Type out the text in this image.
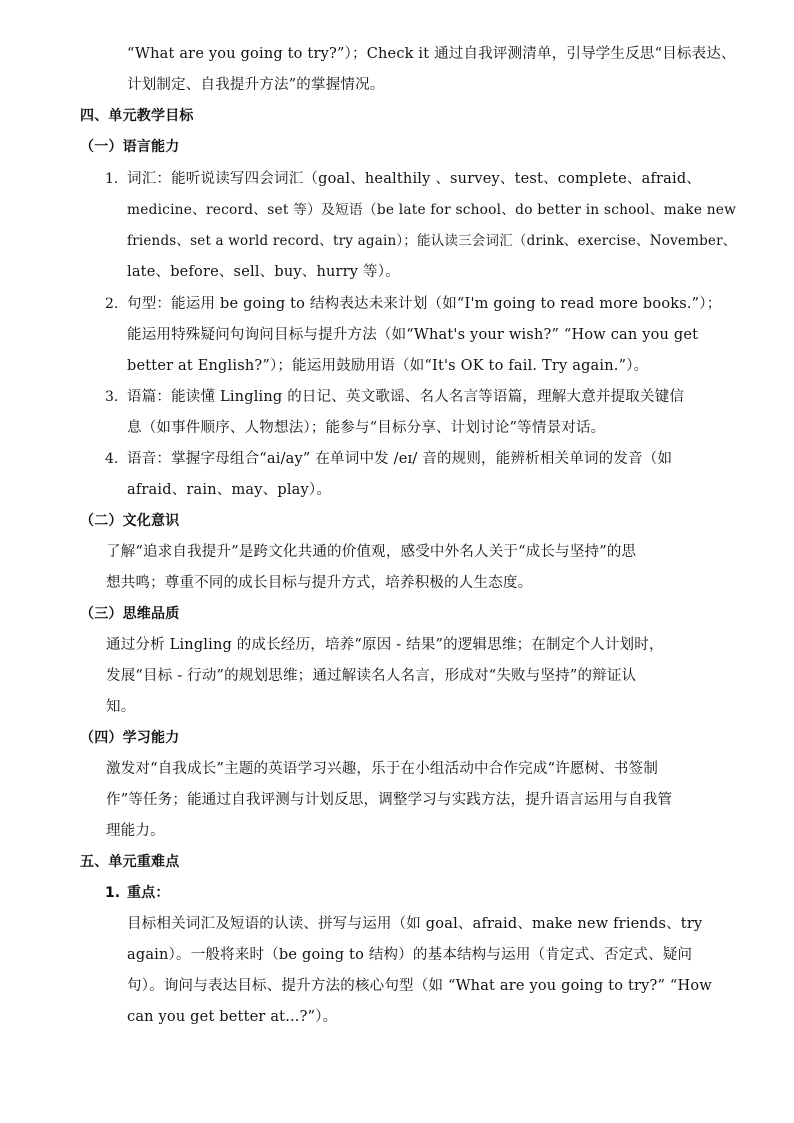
“What are you going to try?”）；Check it 通过自我评测清单，引导学生反思“目标表达、
计划制定、自我提升方法”的掌握情况。
四、单元教学目标
（一）语言能力
1. 词汇：能听说读写四会词汇（goal、healthily 、survey、test、complete、afraid、
medicine、record、set 等）及短语（be late for school、do better in school、make new
friends、set a world record、try again）；能认读三会词汇（drink、exercise、November、
late、before、sell、buy、hurry 等）。
2. 句型：能运用 be going to 结构表达未来计划（如“I'm going to read more books.”）；
能运用特殊疑问句询问目标与提升方法（如“What's your wish?” “How can you get
better at English?”）；能运用鼓励用语（如“It's OK to fail. Try again.”）。
3. 语篇：能读懂 Lingling 的日记、英文歌谣、名人名言等语篇，理解大意并提取关键信
息（如事件顺序、人物想法）；能参与“目标分享、计划讨论”等情景对话。
4. 语音：掌握字母组合“ai/ay” 在单词中发 /eɪ/ 音的规则，能辨析相关单词的发音（如
afraid、rain、may、play）。
（二）文化意识
了解“追求自我提升”是跨文化共通的价值观，感受中外名人关于“成长与坚持”的思
想共鸣；尊重不同的成长目标与提升方式，培养积极的人生态度。
（三）思维品质
通过分析 Lingling 的成长经历，培养“原因 - 结果”的逻辑思维；在制定个人计划时，
发展“目标 - 行动”的规划思维；通过解读名人名言，形成对“失败与坚持”的辩证认
知。
（四）学习能力
激发对“自我成长”主题的英语学习兴趣，乐于在小组活动中合作完成“许愿树、书签制
作”等任务；能通过自我评测与计划反思，调整学习与实践方法，提升语言运用与自我管
理能力。
五、单元重难点
1. 重点：
目标相关词汇及短语的认读、拼写与运用（如 goal、afraid、make new friends、try
again）。一般将来时（be going to 结构）的基本结构与运用（肯定式、否定式、疑问
句）。询问与表达目标、提升方法的核心句型（如 “What are you going to try?” “How
can you get better at...?”）。
